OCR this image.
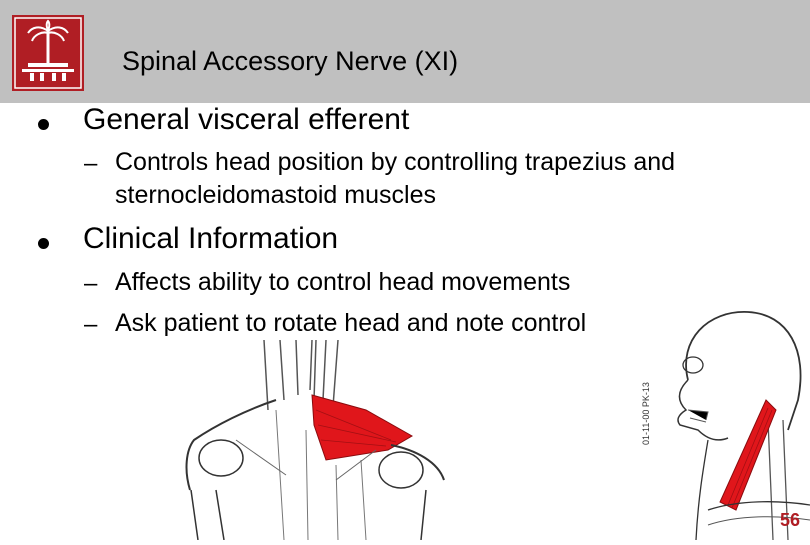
Spinal Accessory Nerve (XI)
General visceral efferent
– Controls head position by controlling trapezius and
sternocleidomastoid muscles
Clinical Information
– Affects ability to control head movements
– Ask patient to rotate head and note control
01-11-00 PK-13
56
